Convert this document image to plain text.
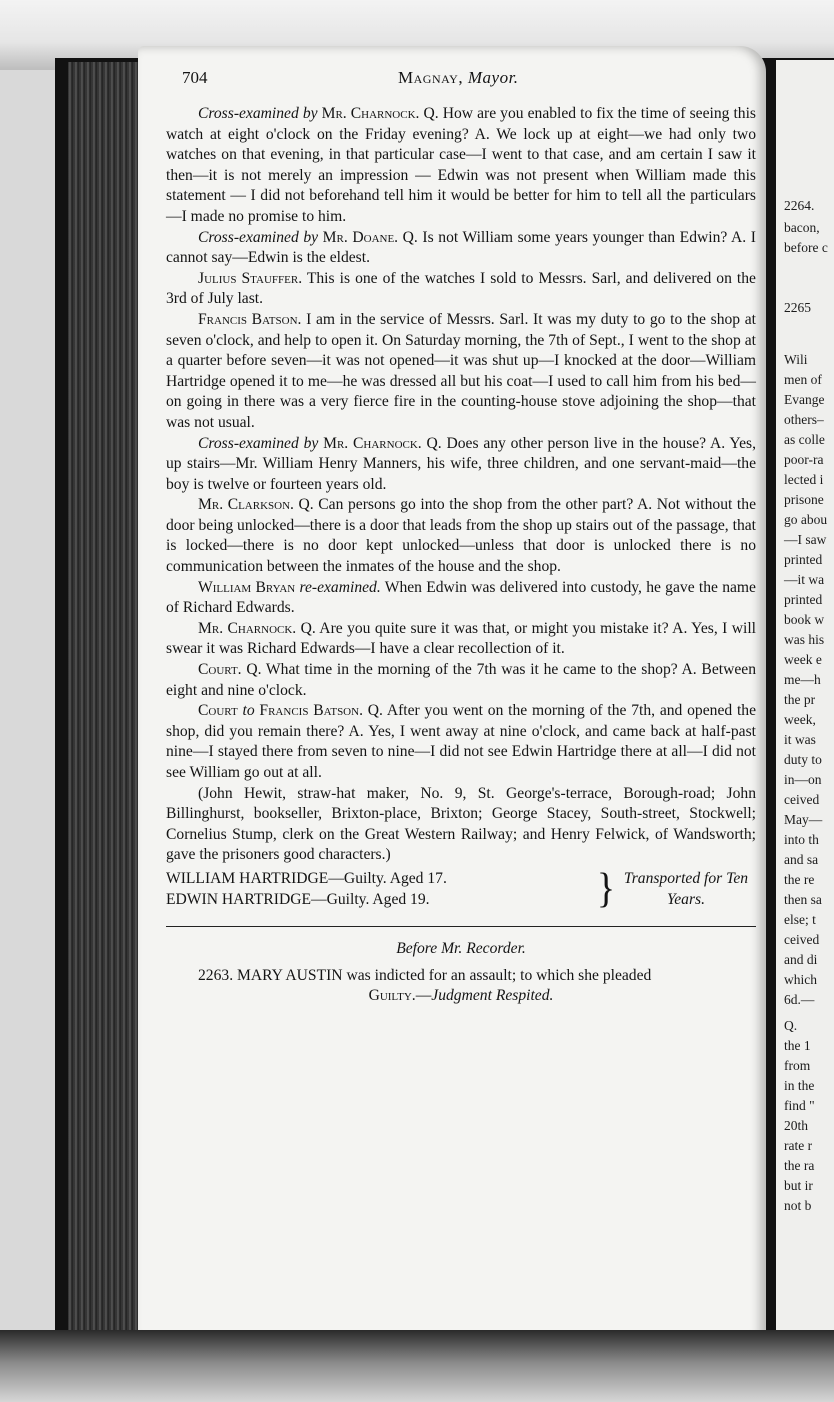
704	Magnay, Mayor.

Cross-examined by Mr. Charnock. Q. How are you enabled to fix the time of seeing this watch at eight o'clock on the Friday evening? A. We lock up at eight—we had only two watches on that evening, in that particular case—I went to that case, and am certain I saw it then—it is not merely an impression — Edwin was not present when William made this statement — I did not beforehand tell him it would be better for him to tell all the particulars—I made no promise to him.

Cross-examined by Mr. Doane. Q. Is not William some years younger than Edwin? A. I cannot say—Edwin is the eldest.

Julius Stauffer. This is one of the watches I sold to Messrs. Sarl, and delivered on the 3rd of July last.

Francis Batson. I am in the service of Messrs. Sarl. It was my duty to go to the shop at seven o'clock, and help to open it. On Saturday morning, the 7th of Sept., I went to the shop at a quarter before seven—it was not opened—it was shut up—I knocked at the door—William Hartridge opened it to me—he was dressed all but his coat—I used to call him from his bed—on going in there was a very fierce fire in the counting-house stove adjoining the shop—that was not usual.

Cross-examined by Mr. Charnock. Q. Does any other person live in the house? A. Yes, up stairs—Mr. William Henry Manners, his wife, three children, and one servant-maid—the boy is twelve or fourteen years old.

Mr. Clarkson. Q. Can persons go into the shop from the other part? A. Not without the door being unlocked—there is a door that leads from the shop up stairs out of the passage, that is locked—there is no door kept unlocked—unless that door is unlocked there is no communication between the inmates of the house and the shop.

William Bryan re-examined. When Edwin was delivered into custody, he gave the name of Richard Edwards.

Mr. Charnock. Q. Are you quite sure it was that, or might you mistake it? A. Yes, I will swear it was Richard Edwards—I have a clear recollection of it.

Court. Q. What time in the morning of the 7th was it he came to the shop? A. Between eight and nine o'clock.

Court to Francis Batson. Q. After you went on the morning of the 7th, and opened the shop, did you remain there? A. Yes, I went away at nine o'clock, and came back at half-past nine—I stayed there from seven to nine—I did not see Edwin Hartridge there at all—I did not see William go out at all.

(John Hewit, straw-hat maker, No. 9, St. George's-terrace, Borough-road; John Billinghurst, bookseller, Brixton-place, Brixton; George Stacey, South-street, Stockwell; Cornelius Stump, clerk on the Great Western Railway; and Henry Felwick, of Wandsworth; gave the prisoners good characters.)

WILLIAM HARTRIDGE—Guilty. Aged 17.
EDWIN HARTRIDGE—Guilty. Aged 19.	} Transported for Ten
Years.

Before Mr. Recorder.

2263. MARY AUSTIN was indicted for an assault; to which she pleaded

Guilty.—Judgment Respited.

2264.
bacon,
before c
2265
Wili
men of
Evange
others–
as colle
poor-ra
lected i
prisone
go abou
—I saw
printed
—it wa
printed
book w
was his
week e
me—h
the pr
week,
it was
duty to
in—on
ceived
May—
into th
and sa
the re
then sa
else; t
ceived
and di
which
6d.—
Q.
the 1
from
in the
find "
20th
rate r
the ra
but ir
not b
